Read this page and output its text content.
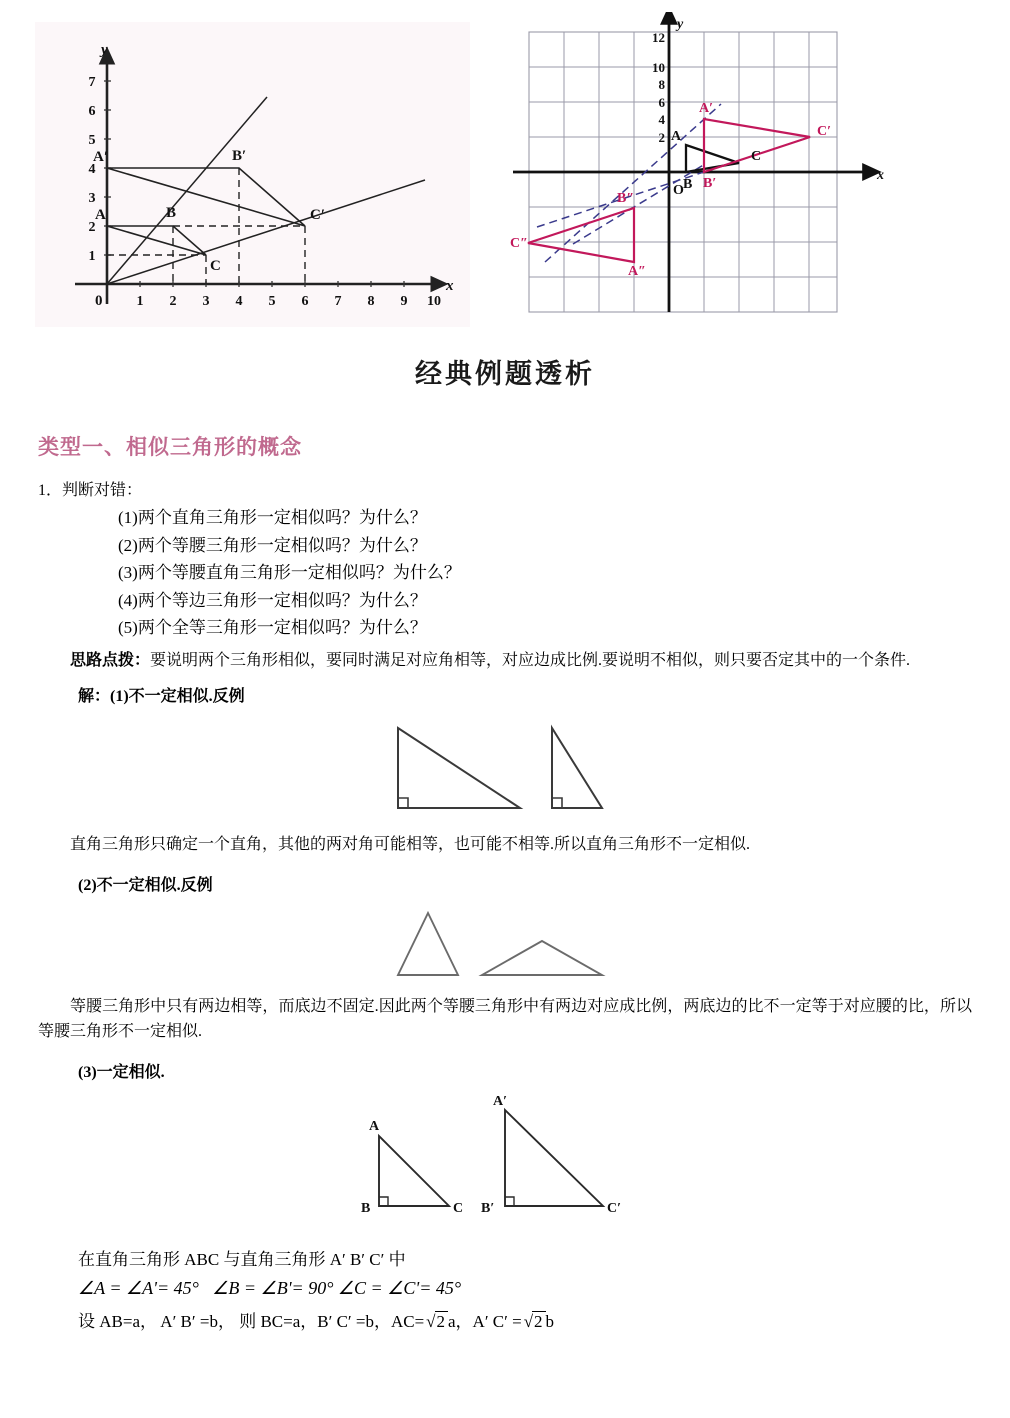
x
y
0 1 2 3 4 5 6 7 8 9 10
1
2
3
4
5
6
7
A	B
C
A′	B′
C′
x
y
O
2
4
6
8
10
12
A
B
C
A′
B′
C′
A″
B″
C″
经典例题透析
类型一、相似三角形的概念
1．判断对错：
(1)两个直角三角形一定相似吗？为什么？
(2)两个等腰三角形一定相似吗？为什么？
(3)两个等腰直角三角形一定相似吗？为什么？
(4)两个等边三角形一定相似吗？为什么？
(5)两个全等三角形一定相似吗？为什么？
思路点拨：要说明两个三角形相似，要同时满足对应角相等，对应边成比例.要说明不相似，则只要否定其中的一个条件.
解：(1)不一定相似.反例
直角三角形只确定一个直角，其他的两对角可能相等，也可能不相等.所以直角三角形不一定相似.
(2)不一定相似.反例
等腰三角形中只有两边相等，而底边不固定.因此两个等腰三角形中有两边对应成比例，两底边的比不一定等于对应腰的比，所以等腰三角形不一定相似.
(3)一定相似.
A
B	C
A′
B′	C′
在直角三角形 ABC 与直角三角形 A′ B′ C′ 中
∠A = ∠A'= 45° ∠B = ∠B'= 90° ∠C = ∠C'= 45°
设 AB=a， A′ B′ =b， 则 BC=a，B′ C′ =b，AC= √2 a，A′ C′ = √2 b
